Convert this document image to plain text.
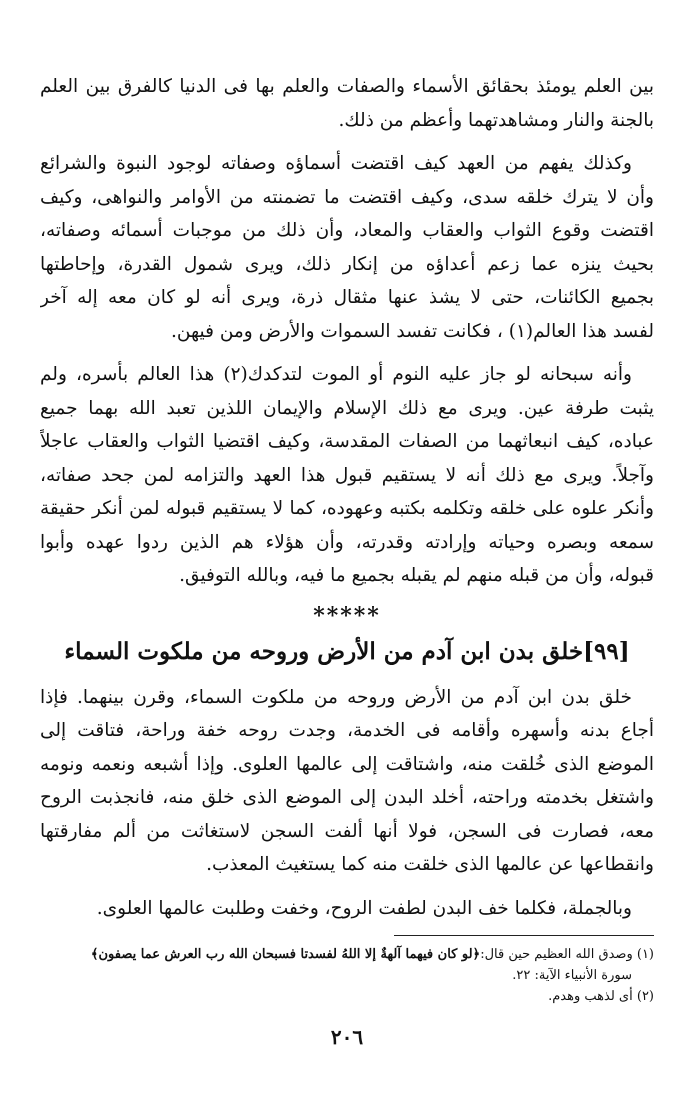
بين العلم يومئذ بحقائق الأسماء والصفات والعلم بها فى الدنيا كالفرق بين العلم
بالجنة والنار ومشاهدتهما وأعظم من ذلك.

وكذلك يفهم من العهد كيف اقتضت أسماؤه وصفاته لوجود النبوة والشرائع
وأن لا يترك خلقه سدى، وكيف اقتضت ما تضمنته من الأوامر والنواهى، وكيف
اقتضت وقوع الثواب والعقاب والمعاد، وأن ذلك من موجبات أسمائه وصفاته،
بحيث ينزه عما زعم أعداؤه من إنكار ذلك، ويرى شمول القدرة، وإحاطتها
بجميع الكائنات، حتى لا يشذ عنها مثقال ذرة، ويرى أنه لو كان معه إله آخر
لفسد هذا العالم(١) ، فكانت تفسد السموات والأرض ومن فيهن.

وأنه سبحانه لو جاز عليه النوم أو الموت لتدكدك(٢) هذا العالم بأسره، ولم
يثبت طرفة عين. ويرى مع ذلك الإسلام والإيمان اللذين تعبد الله بهما جميع
عباده، كيف انبعاثهما من الصفات المقدسة، وكيف اقتضيا الثواب والعقاب عاجلاً
وآجلاً. ويرى مع ذلك أنه لا يستقيم قبول هذا العهد والتزامه لمن جحد صفاته،
وأنكر علوه على خلقه وتكلمه بكتبه وعهوده، كما لا يستقيم قبوله لمن أنكر حقيقة
سمعه وبصره وحياته وإرادته وقدرته، وأن هؤلاء هم الذين ردوا عهده وأبوا
قبوله، وأن من قبله منهم لم يقبله بجميع ما فيه، وبالله التوفيق.

*****
[٩٩]خلق بدن ابن آدم من الأرض وروحه من ملكوت السماء

خلق بدن ابن آدم من الأرض وروحه من ملكوت السماء، وقرن بينهما. فإذا
أجاع بدنه وأسهره وأقامه فى الخدمة، وجدت روحه خفة وراحة، فتاقت إلى
الموضع الذى خُلقت منه، واشتاقت إلى عالمها العلوى. وإذا أشبعه ونعمه ونومه
واشتغل بخدمته وراحته، أخلد البدن إلى الموضع الذى خلق منه، فانجذبت الروح
معه، فصارت فى السجن، فولا أنها ألفت السجن لاستغاثت من ألم مفارقتها
وانقطاعها عن عالمها الذى خلقت منه كما يستغيث المعذب.

وبالجملة، فكلما خف البدن لطفت الروح، وخفت وطلبت عالمها العلوى.

(١) وصدق الله العظيم حين قال:﴿لو كان فيهما آلهةٌ إلا اللهُ لفسدتا فسبحان الله رب العرش عما يصفون﴾
سورة الأنبياء الآية: ٢٢.
(٢) أى لذهب وهدم.
٢٠٦
